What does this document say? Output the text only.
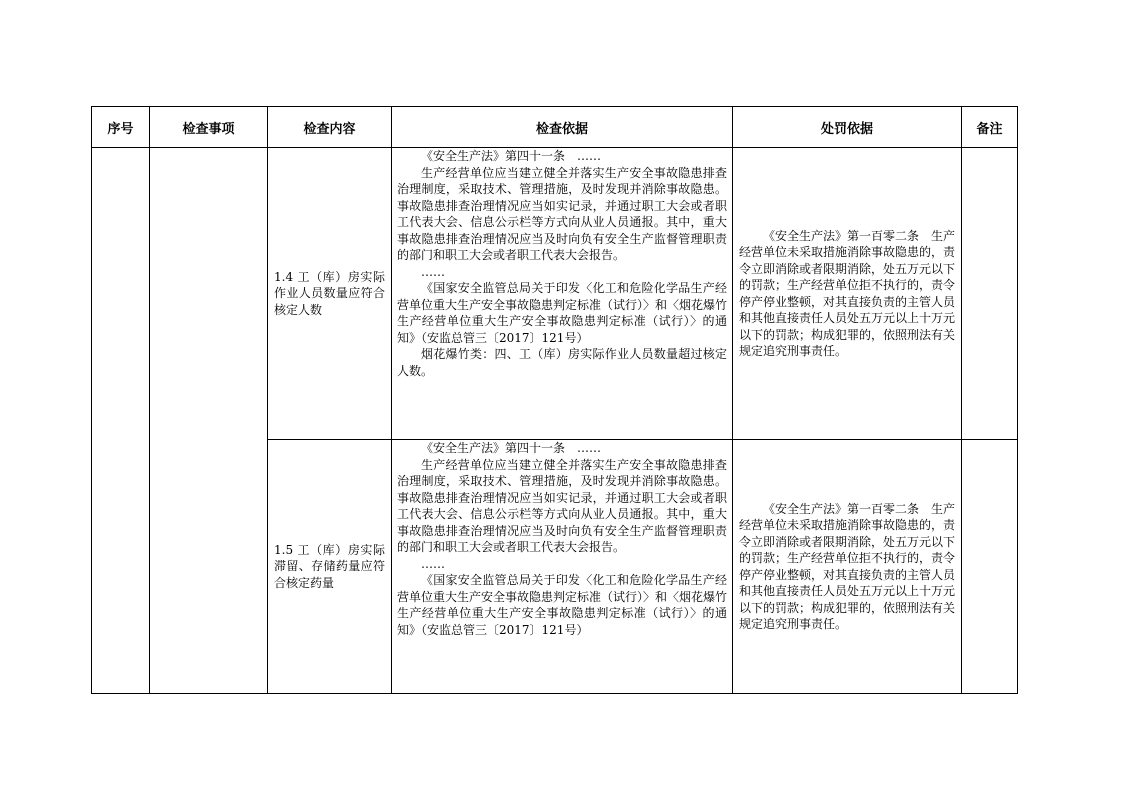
序号	检查事项	检查内容	检查依据	处罚依据	备注

		1.4 工（库）房实际作业人员数量应符合核定人数	《安全生产法》第四十一条　……

生产经营单位应当建立健全并落实生产安全事故隐患排查治理制度，采取技术、管理措施，及时发现并消除事故隐患。事故隐患排查治理情况应当如实记录，并通过职工大会或者职工代表大会、信息公示栏等方式向从业人员通报。其中，重大事故隐患排查治理情况应当及时向负有安全生产监督管理职责的部门和职工大会或者职工代表大会报告。

……

《国家安全监管总局关于印发〈化工和危险化学品生产经营单位重大生产安全事故隐患判定标准（试行）〉和〈烟花爆竹生产经营单位重大生产安全事故隐患判定标准（试行）〉的通知》（安监总管三〔2017〕121号）

烟花爆竹类：四、工（库）房实际作业人员数量超过核定人数。	《安全生产法》第一百零二条　生产经营单位未采取措施消除事故隐患的，责令立即消除或者限期消除，处五万元以下的罚款；生产经营单位拒不执行的，责令停产停业整顿，对其直接负责的主管人员和其他直接责任人员处五万元以上十万元以下的罚款；构成犯罪的，依照刑法有关规定追究刑事责任。	

		1.5 工（库）房实际滞留、存储药量应符合核定药量	《安全生产法》第四十一条　……

生产经营单位应当建立健全并落实生产安全事故隐患排查治理制度，采取技术、管理措施，及时发现并消除事故隐患。事故隐患排查治理情况应当如实记录，并通过职工大会或者职工代表大会、信息公示栏等方式向从业人员通报。其中，重大事故隐患排查治理情况应当及时向负有安全生产监督管理职责的部门和职工大会或者职工代表大会报告。

……

《国家安全监管总局关于印发〈化工和危险化学品生产经营单位重大生产安全事故隐患判定标准（试行）〉和〈烟花爆竹生产经营单位重大生产安全事故隐患判定标准（试行）〉的通知》（安监总管三〔2017〕121号）	《安全生产法》第一百零二条　生产经营单位未采取措施消除事故隐患的，责令立即消除或者限期消除，处五万元以下的罚款；生产经营单位拒不执行的，责令停产停业整顿，对其直接负责的主管人员和其他直接责任人员处五万元以上十万元以下的罚款；构成犯罪的，依照刑法有关规定追究刑事责任。	
